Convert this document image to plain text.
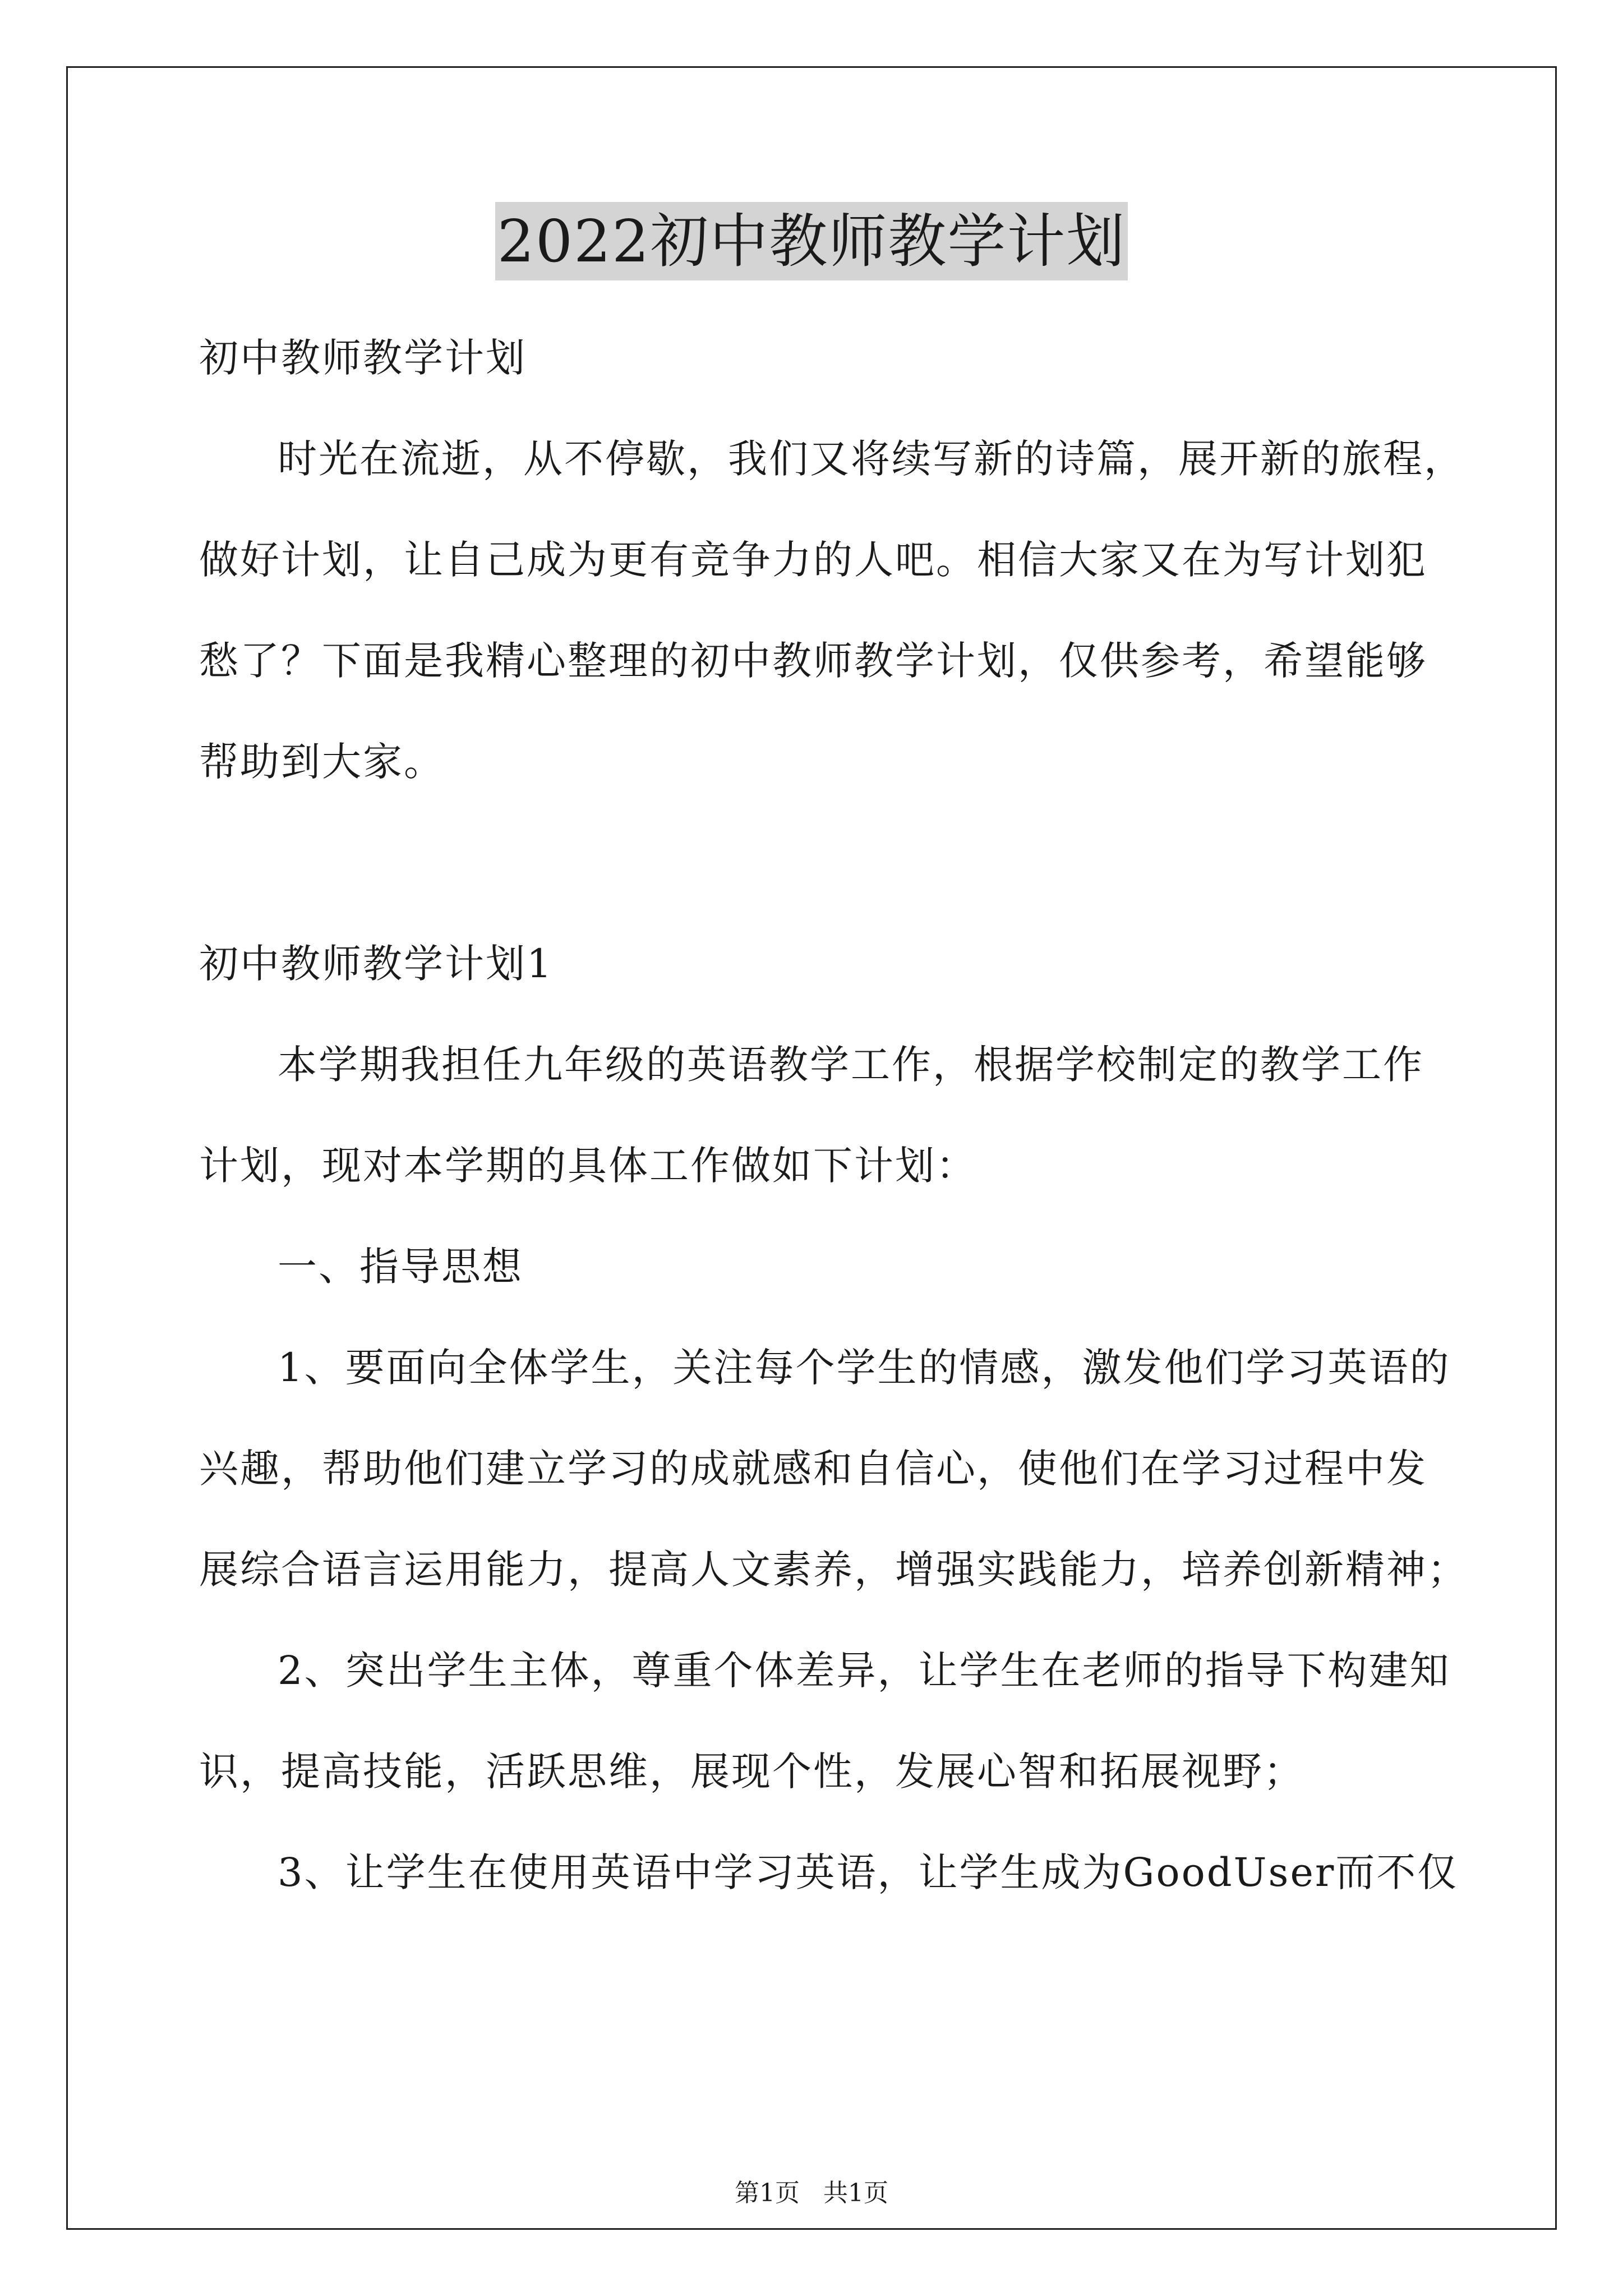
2022初中教师教学计划
初中教师教学计划
时光在流逝，从不停歇，我们又将续写新的诗篇，展开新的旅程，
做好计划，让自己成为更有竞争力的人吧。相信大家又在为写计划犯
愁了？下面是我精心整理的初中教师教学计划，仅供参考，希望能够
帮助到大家。
初中教师教学计划1
本学期我担任九年级的英语教学工作，根据学校制定的教学工作
计划，现对本学期的具体工作做如下计划：
一、指导思想
1、要面向全体学生，关注每个学生的情感，激发他们学习英语的
兴趣，帮助他们建立学习的成就感和自信心，使他们在学习过程中发
展综合语言运用能力，提高人文素养，增强实践能力，培养创新精神；
2、突出学生主体，尊重个体差异，让学生在老师的指导下构建知
识，提高技能，活跃思维，展现个性，发展心智和拓展视野；
3、让学生在使用英语中学习英语，让学生成为GoodUser而不仅
第1页   共1页
